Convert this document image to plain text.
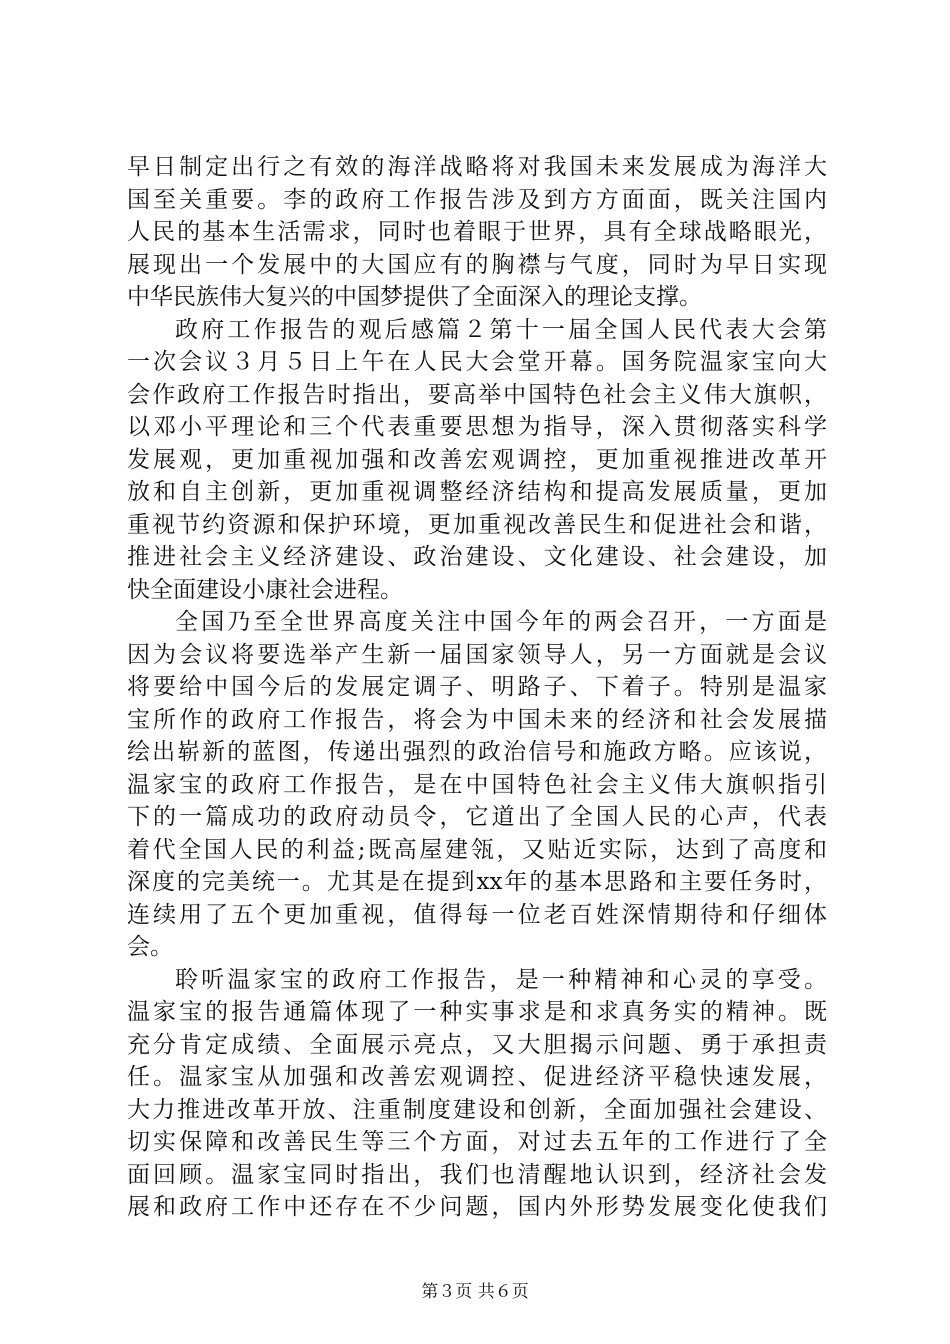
早日制定出行之有效的海洋战略将对我国未来发展成为海洋大
国至关重要。李的政府工作报告涉及到方方面面，既关注国内
人民的基本生活需求，同时也着眼于世界，具有全球战略眼光，
展现出一个发展中的大国应有的胸襟与气度，同时为早日实现
中华民族伟大复兴的中国梦提供了全面深入的理论支撑。
政府工作报告的观后感篇２第十一届全国人民代表大会第
一次会议３月５日上午在人民大会堂开幕。国务院温家宝向大
会作政府工作报告时指出，要高举中国特色社会主义伟大旗帜，
以邓小平理论和三个代表重要思想为指导，深入贯彻落实科学
发展观，更加重视加强和改善宏观调控，更加重视推进改革开
放和自主创新，更加重视调整经济结构和提高发展质量，更加
重视节约资源和保护环境，更加重视改善民生和促进社会和谐，
推进社会主义经济建设、政治建设、文化建设、社会建设，加
快全面建设小康社会进程。
全国乃至全世界高度关注中国今年的两会召开，一方面是
因为会议将要选举产生新一届国家领导人，另一方面就是会议
将要给中国今后的发展定调子、明路子、下着子。特别是温家
宝所作的政府工作报告，将会为中国未来的经济和社会发展描
绘出崭新的蓝图，传递出强烈的政治信号和施政方略。应该说，
温家宝的政府工作报告，是在中国特色社会主义伟大旗帜指引
下的一篇成功的政府动员令，它道出了全国人民的心声，代表
着代全国人民的利益;既高屋建瓴，又贴近实际，达到了高度和
深度的完美统一。尤其是在提到xx年的基本思路和主要任务时，
连续用了五个更加重视，值得每一位老百姓深情期待和仔细体
会。
聆听温家宝的政府工作报告，是一种精神和心灵的享受。
温家宝的报告通篇体现了一种实事求是和求真务实的精神。既
充分肯定成绩、全面展示亮点，又大胆揭示问题、勇于承担责
任。温家宝从加强和改善宏观调控、促进经济平稳快速发展，
大力推进改革开放、注重制度建设和创新，全面加强社会建设、
切实保障和改善民生等三个方面，对过去五年的工作进行了全
面回顾。温家宝同时指出，我们也清醒地认识到，经济社会发
展和政府工作中还存在不少问题，国内外形势发展变化使我们
第３页 共６页
